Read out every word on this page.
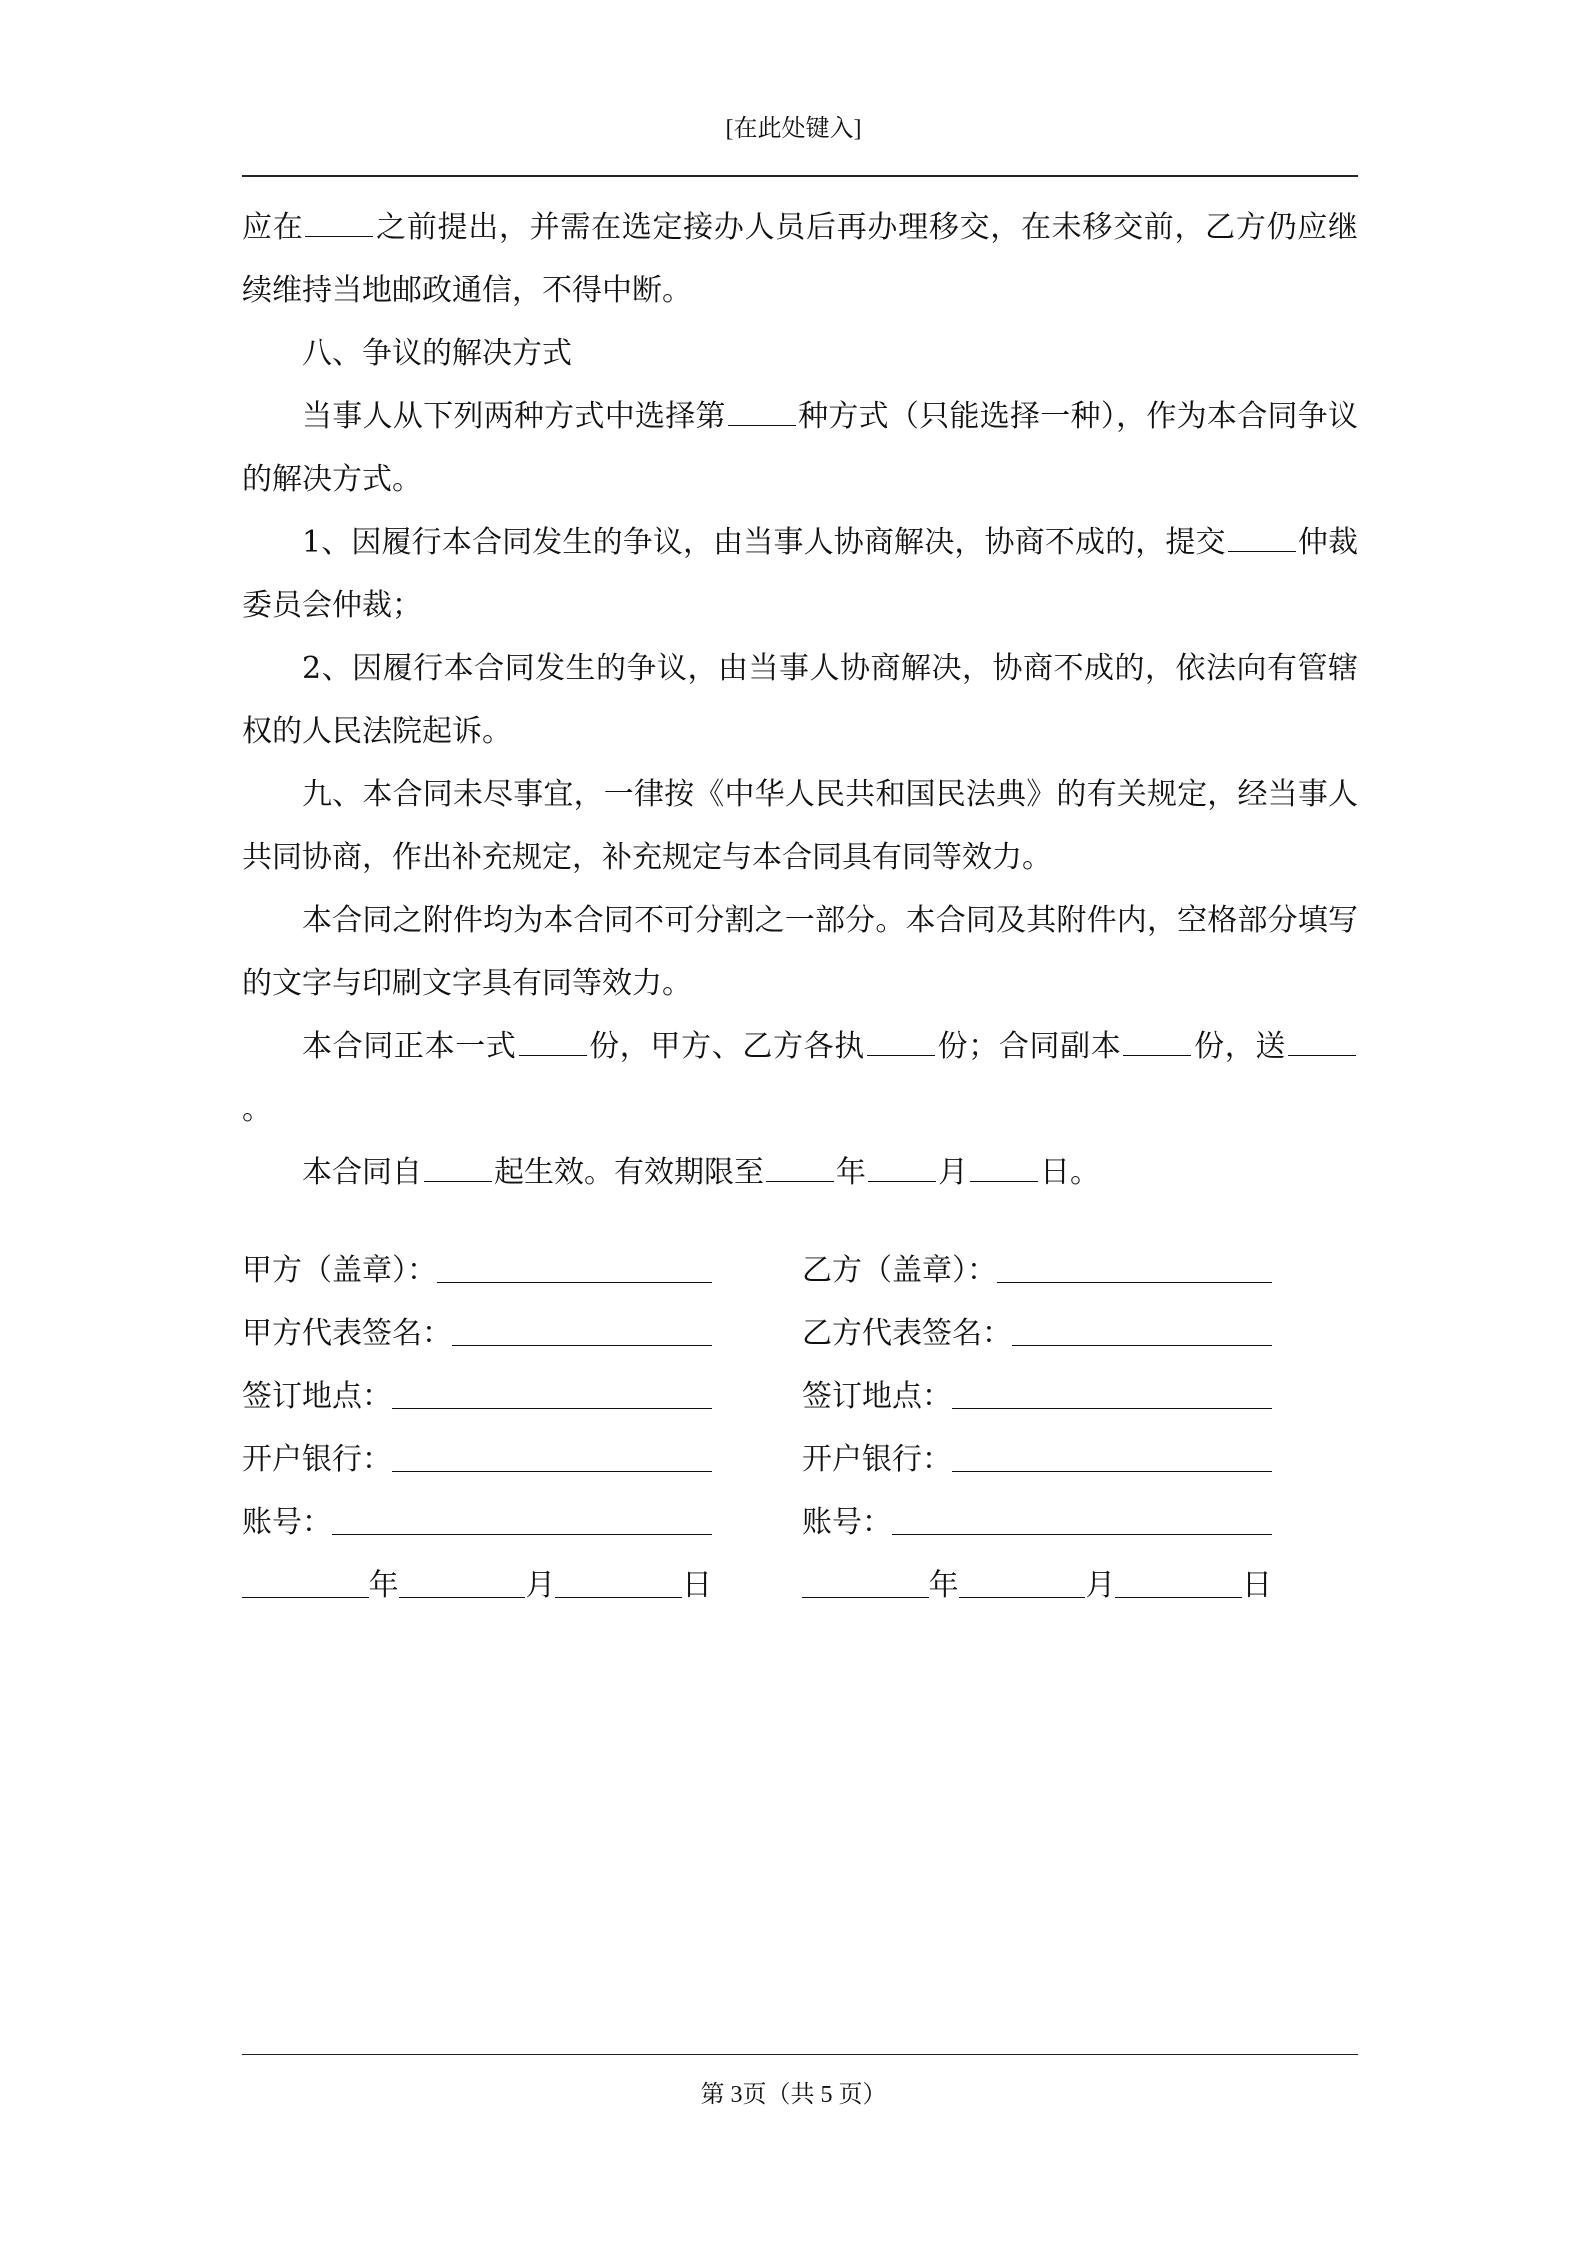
[在此处键入]

应在 之前提出，并需在选定接办人员后再办理移交，在未移交前，乙方仍应继续维持当地邮政通信，不得中断。

八、争议的解决方式

当事人从下列两种方式中选择第 种方式（只能选择一种），作为本合同争议的解决方式。

1、因履行本合同发生的争议，由当事人协商解决，协商不成的，提交 仲裁委员会仲裁；

2、因履行本合同发生的争议，由当事人协商解决，协商不成的，依法向有管辖权的人民法院起诉。

九、本合同未尽事宜，一律按《中华人民共和国民法典》的有关规定，经当事人共同协商，作出补充规定，补充规定与本合同具有同等效力。

本合同之附件均为本合同不可分割之一部分。本合同及其附件内，空格部分填写的文字与印刷文字具有同等效力。

本合同正本一式 份，甲方、乙方各执 份；合同副本 份，送。

本合同自 起生效。有效期限至 年 月 日。

甲方（盖章）：	乙方（盖章）：
甲方代表签名：	乙方代表签名：
签订地点：	签订地点：
开户银行：	开户银行：
账号：	账号：
年	月	日	年	月	日
第 3页（共 5 页）
